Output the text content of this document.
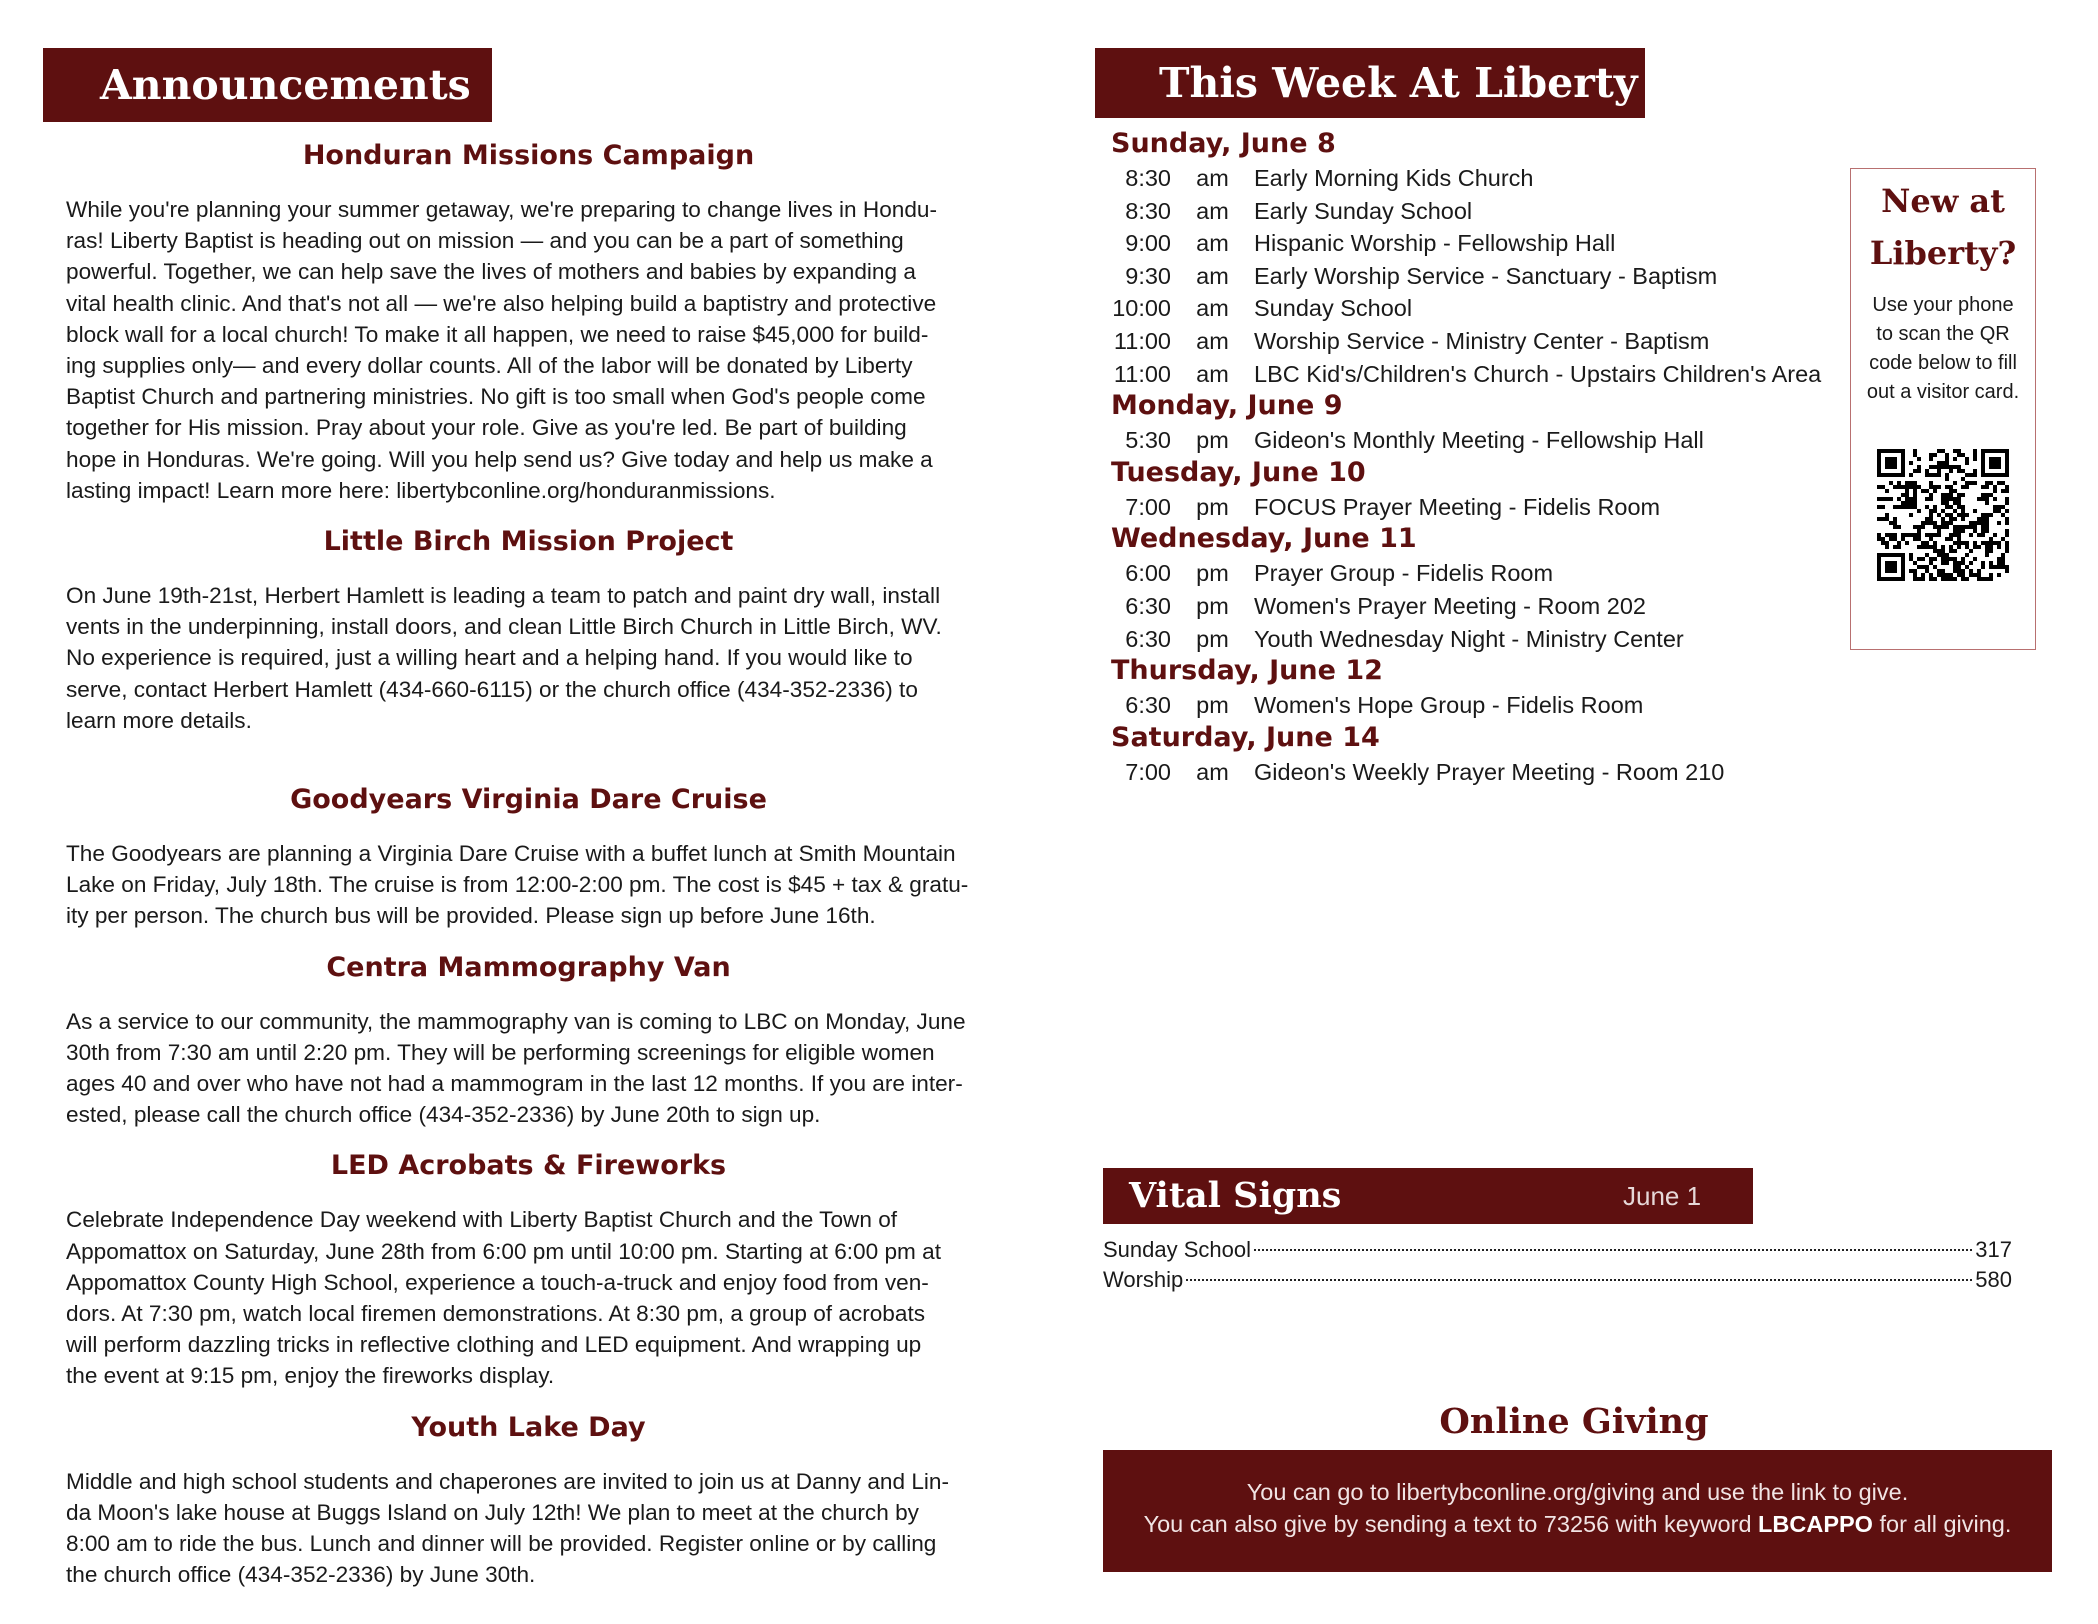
Announcements
Honduran Missions Campaign
While you're planning your summer getaway, we're preparing to change lives in Hondu-
ras! Liberty Baptist is heading out on mission — and you can be a part of something
powerful. Together, we can help save the lives of mothers and babies by expanding a
vital health clinic. And that's not all — we're also helping build a baptistry and protective
block wall for a local church! To make it all happen, we need to raise $45,000 for build-
ing supplies only— and every dollar counts. All of the labor will be donated by Liberty
Baptist Church and partnering ministries. No gift is too small when God's people come
together for His mission. Pray about your role. Give as you're led. Be part of building
hope in Honduras. We're going. Will you help send us? Give today and help us make a
lasting impact! Learn more here: libertybconline.org/honduranmissions.
Little Birch Mission Project
On June 19th-21st, Herbert Hamlett is leading a team to patch and paint dry wall, install
vents in the underpinning, install doors, and clean Little Birch Church in Little Birch, WV.
No experience is required, just a willing heart and a helping hand. If you would like to
serve, contact Herbert Hamlett (434-660-6115) or the church office (434-352-2336) to
learn more details.
Goodyears Virginia Dare Cruise
The Goodyears are planning a Virginia Dare Cruise with a buffet lunch at Smith Mountain
Lake on Friday, July 18th. The cruise is from 12:00-2:00 pm. The cost is $45 + tax & gratu-
ity per person. The church bus will be provided. Please sign up before June 16th.
Centra Mammography Van
As a service to our community, the mammography van is coming to LBC on Monday, June
30th from 7:30 am until 2:20 pm. They will be performing screenings for eligible women
ages 40 and over who have not had a mammogram in the last 12 months. If you are inter-
ested, please call the church office (434-352-2336) by June 20th to sign up.
LED Acrobats & Fireworks
Celebrate Independence Day weekend with Liberty Baptist Church and the Town of
Appomattox on Saturday, June 28th from 6:00 pm until 10:00 pm. Starting at 6:00 pm at
Appomattox County High School, experience a touch-a-truck and enjoy food from ven-
dors. At 7:30 pm, watch local firemen demonstrations. At 8:30 pm, a group of acrobats
will perform dazzling tricks in reflective clothing and LED equipment. And wrapping up
the event at 9:15 pm, enjoy the fireworks display.
Youth Lake Day
Middle and high school students and chaperones are invited to join us at Danny and Lin-
da Moon's lake house at Buggs Island on July 12th! We plan to meet at the church by
8:00 am to ride the bus. Lunch and dinner will be provided. Register online or by calling
the church office (434-352-2336) by June 30th.
This Week At Liberty
Sunday, June 8
8:30	am	Early Morning Kids Church
8:30	am	Early Sunday School
9:00	am	Hispanic Worship - Fellowship Hall
9:30	am	Early Worship Service - Sanctuary - Baptism
10:00	am	Sunday School
11:00	am	Worship Service - Ministry Center - Baptism
11:00	am	LBC Kid's/Children's Church - Upstairs Children's Area
Monday, June 9
5:30	pm	Gideon's Monthly Meeting - Fellowship Hall
Tuesday, June 10
7:00	pm	FOCUS Prayer Meeting - Fidelis Room
Wednesday, June 11
6:00	pm	Prayer Group - Fidelis Room
6:30	pm	Women's Prayer Meeting - Room 202
6:30	pm	Youth Wednesday Night - Ministry Center
Thursday, June 12
6:30	pm	Women's Hope Group - Fidelis Room
Saturday, June 14
7:00	am	Gideon's Weekly Prayer Meeting - Room 210
New at
Liberty?
Use your phone
to scan the QR
code below to fill
out a visitor card.
Vital Signs	June 1
Sunday School	317
Worship	580
Online Giving
You can go to libertybconline.org/giving and use the link to give.
You can also give by sending a text to 73256 with keyword LBCAPPO for all giving.
